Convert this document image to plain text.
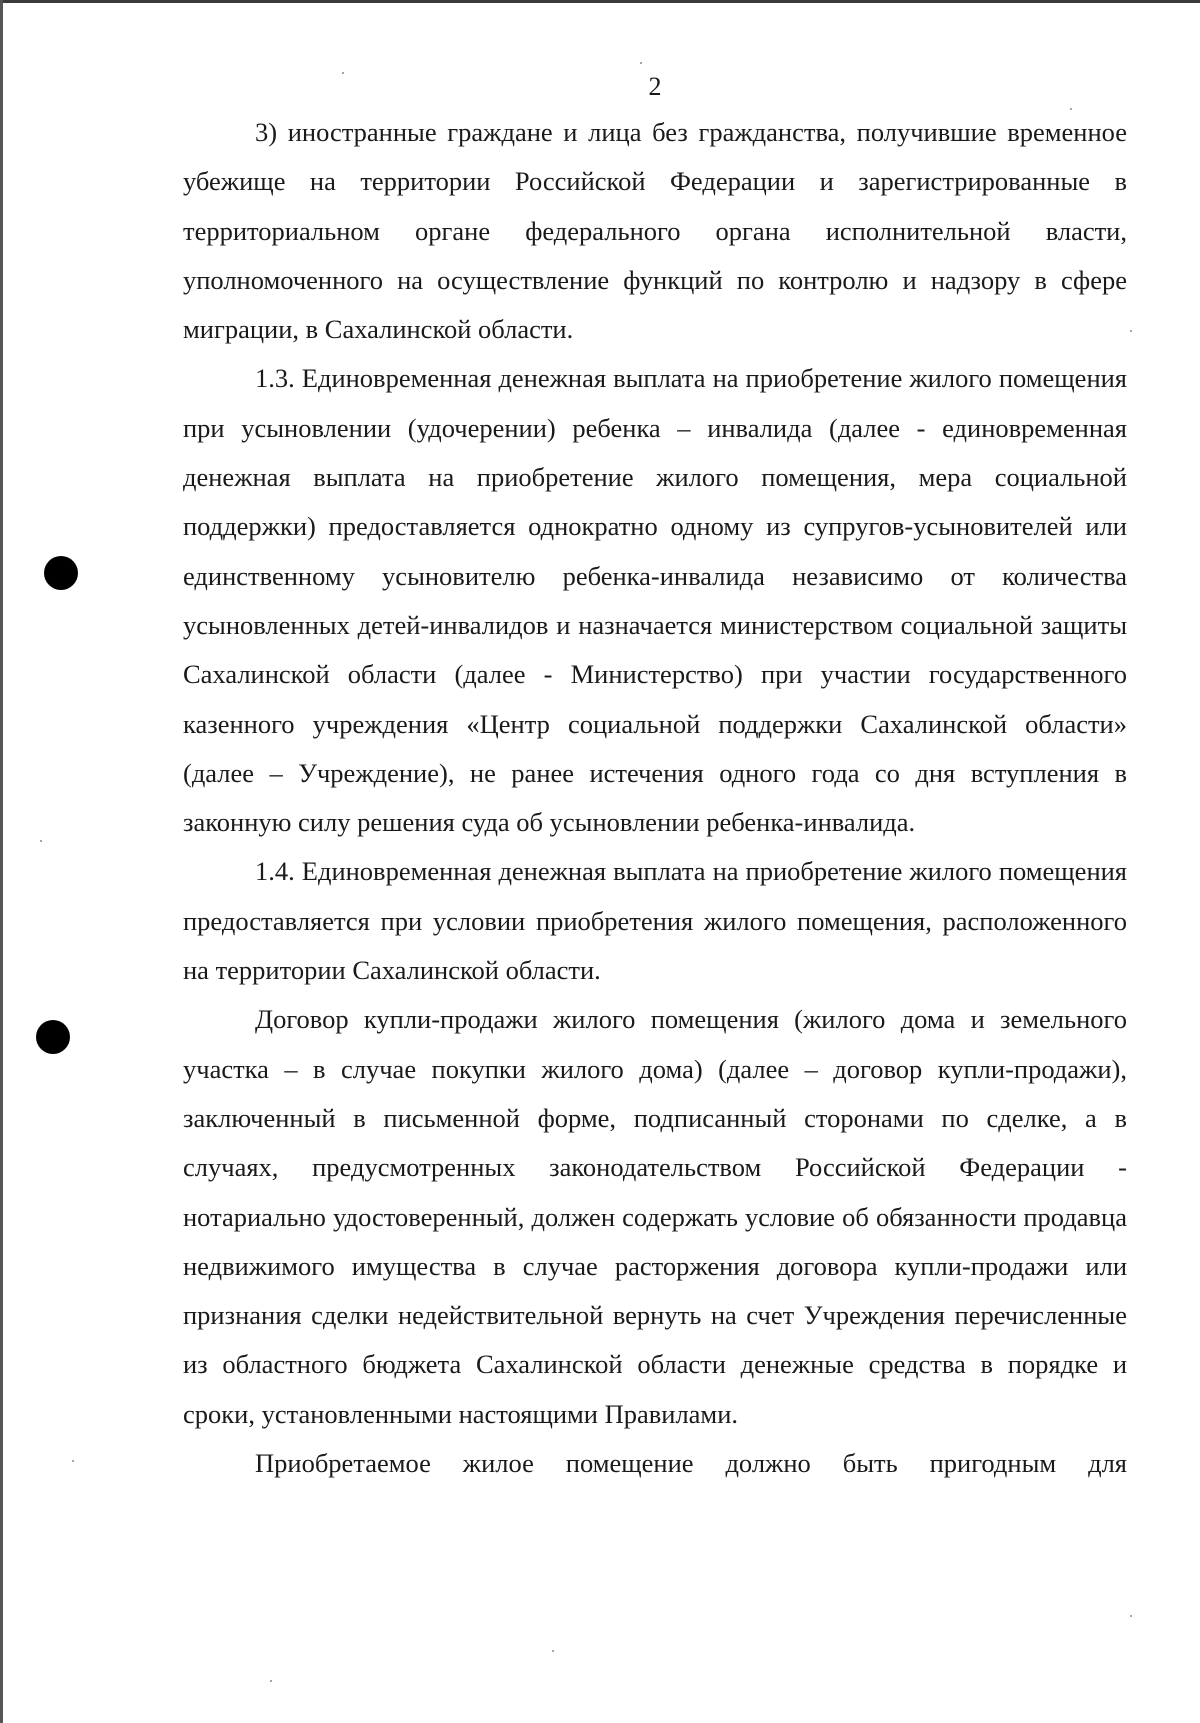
2

3) иностранные граждане и лица без гражданства, получившие временное убежище на территории Российской Федерации и зарегистрированные в территориальном органе федерального органа исполнительной власти, уполномоченного на осуществление функций по контролю и надзору в сфере миграции, в Сахалинской области.

1.3. Единовременная денежная выплата на приобретение жилого помещения при усыновлении (удочерении) ребенка – инвалида (далее - единовременная денежная выплата на приобретение жилого помещения, мера социальной поддержки) предоставляется однократно одному из супругов-усыновителей или единственному усыновителю ребенка-инвалида независимо от количества усыновленных детей-инвалидов и назначается министерством социальной защиты Сахалинской области (далее - Министерство) при участии государственного казенного учреждения «Центр социальной поддержки Сахалинской области» (далее – Учреждение), не ранее истечения одного года со дня вступления в законную силу решения суда об усыновлении ребенка-инвалида.

1.4. Единовременная денежная выплата на приобретение жилого помещения предоставляется при условии приобретения жилого помещения, расположенного на территории Сахалинской области.

Договор купли-продажи жилого помещения (жилого дома и земельного участка – в случае покупки жилого дома) (далее – договор купли-продажи), заключенный в письменной форме, подписанный сторонами по сделке, а в случаях, предусмотренных законодательством Российской Федерации - нотариально удостоверенный, должен содержать условие об обязанности продавца недвижимого имущества в случае расторжения договора купли-продажи или признания сделки недействительной вернуть на счет Учреждения перечисленные из областного бюджета Сахалинской области денежные средства в порядке и сроки, установленными настоящими Правилами.

Приобретаемое жилое помещение должно быть пригодным для
